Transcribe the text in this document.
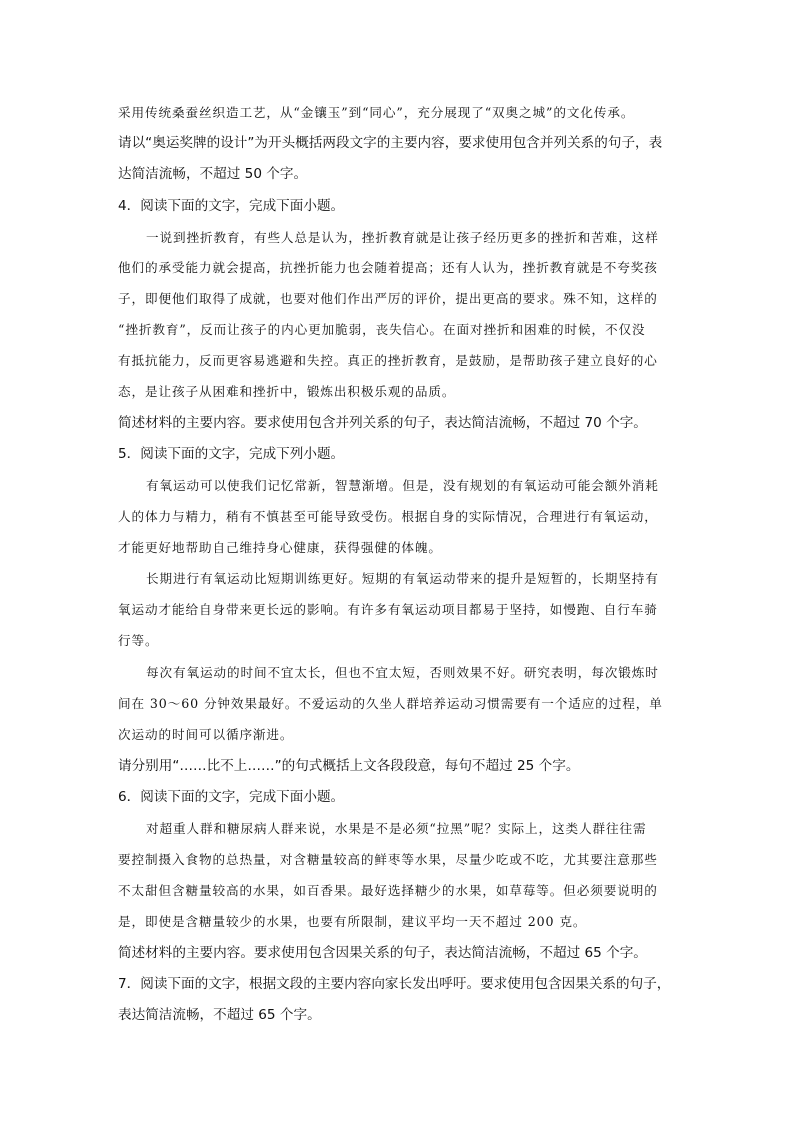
采用传统桑蚕丝织造工艺，从“金镶玉”到“同心”，充分展现了“双奥之城”的文化传承。
请以“奥运奖牌的设计”为开头概括两段文字的主要内容，要求使用包含并列关系的句子，表
达简洁流畅，不超过 50 个字。
4．阅读下面的文字，完成下面小题。
一说到挫折教育，有些人总是认为，挫折教育就是让孩子经历更多的挫折和苦难，这样
他们的承受能力就会提高，抗挫折能力也会随着提高；还有人认为，挫折教育就是不夸奖孩
子，即便他们取得了成就，也要对他们作出严厉的评价，提出更高的要求。殊不知，这样的
“挫折教育”，反而让孩子的内心更加脆弱，丧失信心。在面对挫折和困难的时候，不仅没
有抵抗能力，反而更容易逃避和失控。真正的挫折教育，是鼓励，是帮助孩子建立良好的心
态，是让孩子从困难和挫折中，锻炼出积极乐观的品质。
简述材料的主要内容。要求使用包含并列关系的句子，表达简洁流畅，不超过 70 个字。
5．阅读下面的文字，完成下列小题。
有氧运动可以使我们记忆常新，智慧渐增。但是，没有规划的有氧运动可能会额外消耗
人的体力与精力，稍有不慎甚至可能导致受伤。根据自身的实际情况，合理进行有氧运动，
才能更好地帮助自己维持身心健康，获得强健的体魄。
长期进行有氧运动比短期训练更好。短期的有氧运动带来的提升是短暂的，长期坚持有
氧运动才能给自身带来更长远的影响。有许多有氧运动项目都易于坚持，如慢跑、自行车骑
行等。
每次有氧运动的时间不宜太长，但也不宜太短，否则效果不好。研究表明，每次锻炼时
间在 30～60 分钟效果最好。不爱运动的久坐人群培养运动习惯需要有一个适应的过程，单
次运动的时间可以循序渐进。
请分别用“……比不上……”的句式概括上文各段段意，每句不超过 25 个字。
6．阅读下面的文字，完成下面小题。
对超重人群和糖尿病人群来说，水果是不是必须“拉黑”呢？实际上，这类人群往往需
要控制摄入食物的总热量，对含糖量较高的鲜枣等水果，尽量少吃或不吃，尤其要注意那些
不太甜但含糖量较高的水果，如百香果。最好选择糖少的水果，如草莓等。但必须要说明的
是，即使是含糖量较少的水果，也要有所限制，建议平均一天不超过 200 克。
简述材料的主要内容。要求使用包含因果关系的句子，表达简洁流畅，不超过 65 个字。
7．阅读下面的文字，根据文段的主要内容向家长发出呼吁。要求使用包含因果关系的句子，
表达简洁流畅，不超过 65 个字。
